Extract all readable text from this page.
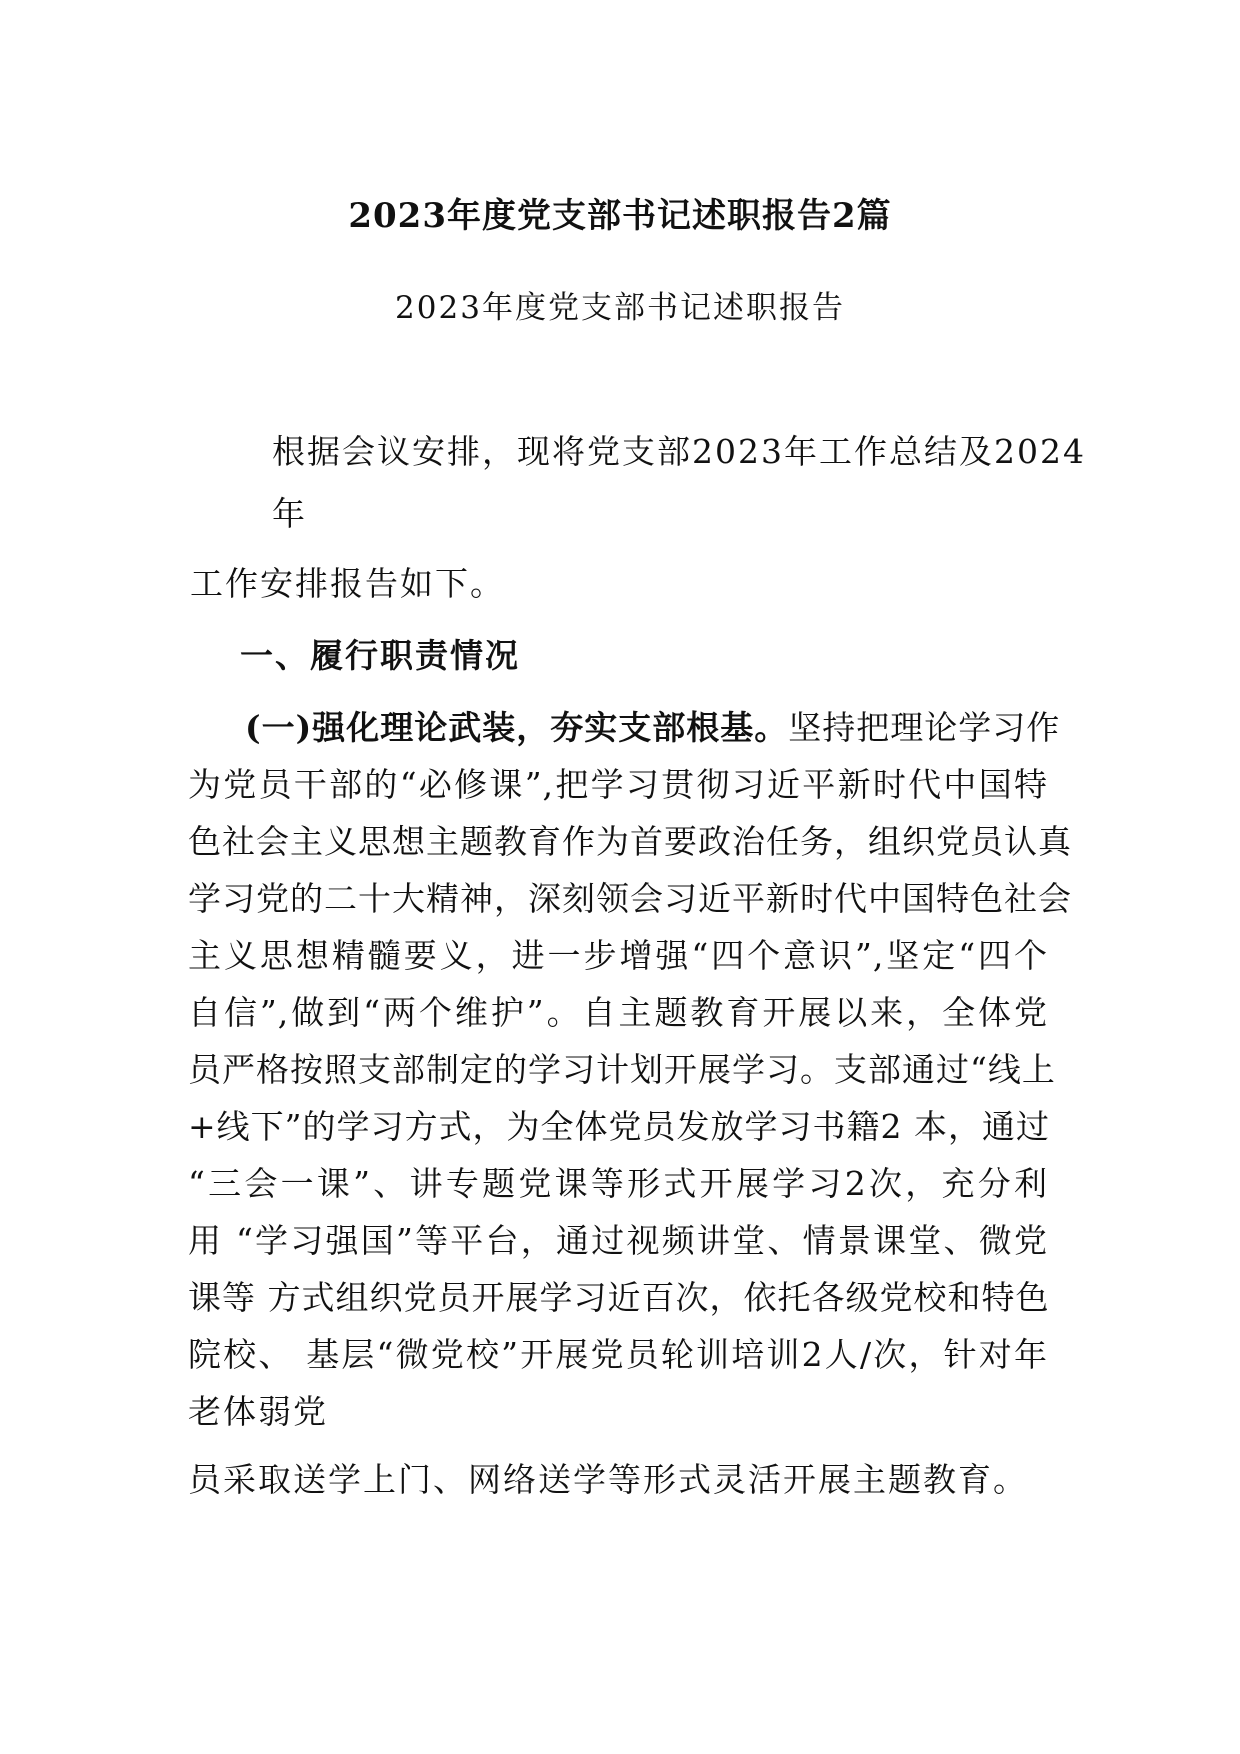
2023年度党支部书记述职报告2篇
2023年度党支部书记述职报告
根据会议安排，现将党支部2023年工作总结及2024
年
工作安排报告如下。
一、履行职责情况
(一)强化理论武装，夯实支部根基。坚持把理论学习作
为党员干部的“必修课”,把学习贯彻习近平新时代中国特
色社会主义思想主题教育作为首要政治任务，组织党员认真
学习党的二十大精神，深刻领会习近平新时代中国特色社会
主义思想精髓要义，进一步增强“四个意识”,坚定“四个
自信”,做到“两个维护”。自主题教育开展以来，全体党
员严格按照支部制定的学习计划开展学习。支部通过“线上
+线下”的学习方式，为全体党员发放学习书籍2 本，通过
“三会一课”、讲专题党课等形式开展学习2次，充分利
用 “学习强国”等平台，通过视频讲堂、情景课堂、微党
课等 方式组织党员开展学习近百次，依托各级党校和特色
院校、 基层“微党校”开展党员轮训培训2人/次，针对年
老体弱党
员采取送学上门、网络送学等形式灵活开展主题教育。
